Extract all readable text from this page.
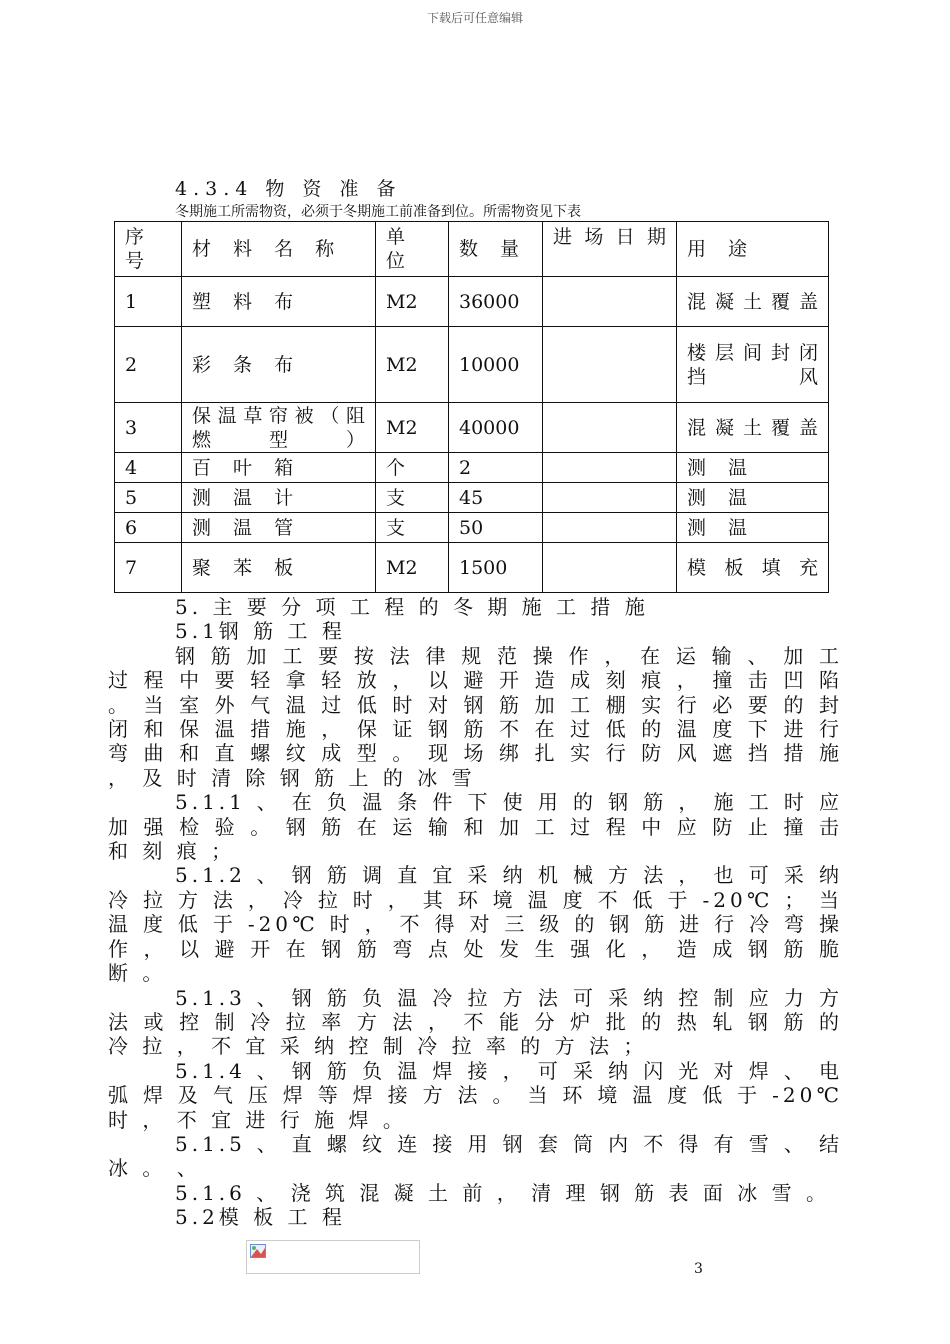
下载后可任意编辑
4.3.4 物 资 准 备
冬期施工所需物资，必须于冬期施工前准备到位。所需物资见下表
序号	材 料 名 称	单位	数 量	进 场 日 期	用 途
1	塑 料 布	M2	36000		混 凝 土 覆 盖
2	彩 条 布	M2	10000		楼 层 间 封 闭 挡 风
3	保 温 草 帘 被 （ 阻 燃 型 ）	M2	40000		混 凝 土 覆 盖
4	百 叶 箱	个	2		测 温
5	测 温 计	支	45		测 温
6	测 温 管	支	50		测 温
7	聚 苯 板	M2	1500		模 板 填 充

5. 主 要 分 项 工 程 的 冬 期 施 工 措 施

5.1钢 筋 工 程

钢 筋 加 工 要 按 法 律 规 范 操 作 ， 在 运 输 、 加 工 过 程 中 要 轻 拿 轻 放 ， 以 避 开 造 成 刻 痕 ， 撞 击 凹 陷 。 当 室 外 气 温 过 低 时 对 钢 筋 加 工 棚 实 行 必 要 的 封 闭 和 保 温 措 施 ， 保 证 钢 筋 不 在 过 低 的 温 度 下 进 行 弯 曲 和 直 螺 纹 成 型 。 现 场 绑 扎 实 行 防 风 遮 挡 措 施 ， 及 时 清 除 钢 筋 上 的 冰 雪

5.1.1 、 在 负 温 条 件 下 使 用 的 钢 筋 ， 施 工 时 应 加 强 检 验 。 钢 筋 在 运 输 和 加 工 过 程 中 应 防 止 撞 击 和 刻 痕 ；

5.1.2 、 钢 筋 调 直 宜 采 纳 机 械 方 法 ， 也 可 采 纳 冷 拉 方 法 ， 冷 拉 时 ， 其 环 境 温 度 不 低 于 -20℃ ； 当 温 度 低 于 -20℃ 时 ， 不 得 对 三 级 的 钢 筋 进 行 冷 弯 操 作 ， 以 避 开 在 钢 筋 弯 点 处 发 生 强 化 ， 造 成 钢 筋 脆 断 。

5.1.3 、 钢 筋 负 温 冷 拉 方 法 可 采 纳 控 制 应 力 方 法 或 控 制 冷 拉 率 方 法 ， 不 能 分 炉 批 的 热 轧 钢 筋 的 冷 拉 ， 不 宜 采 纳 控 制 冷 拉 率 的 方 法 ；

5.1.4 、 钢 筋 负 温 焊 接 ， 可 采 纳 闪 光 对 焊 、 电 弧 焊 及 气 压 焊 等 焊 接 方 法 。 当 环 境 温 度 低 于 -20℃ 时 ， 不 宜 进 行 施 焊 。

5.1.5 、 直 螺 纹 连 接 用 钢 套 筒 内 不 得 有 雪 、 结 冰 。 、

5.1.6 、 浇 筑 混 凝 土 前 ， 清 理 钢 筋 表 面 冰 雪 。

5.2模 板 工 程

3
